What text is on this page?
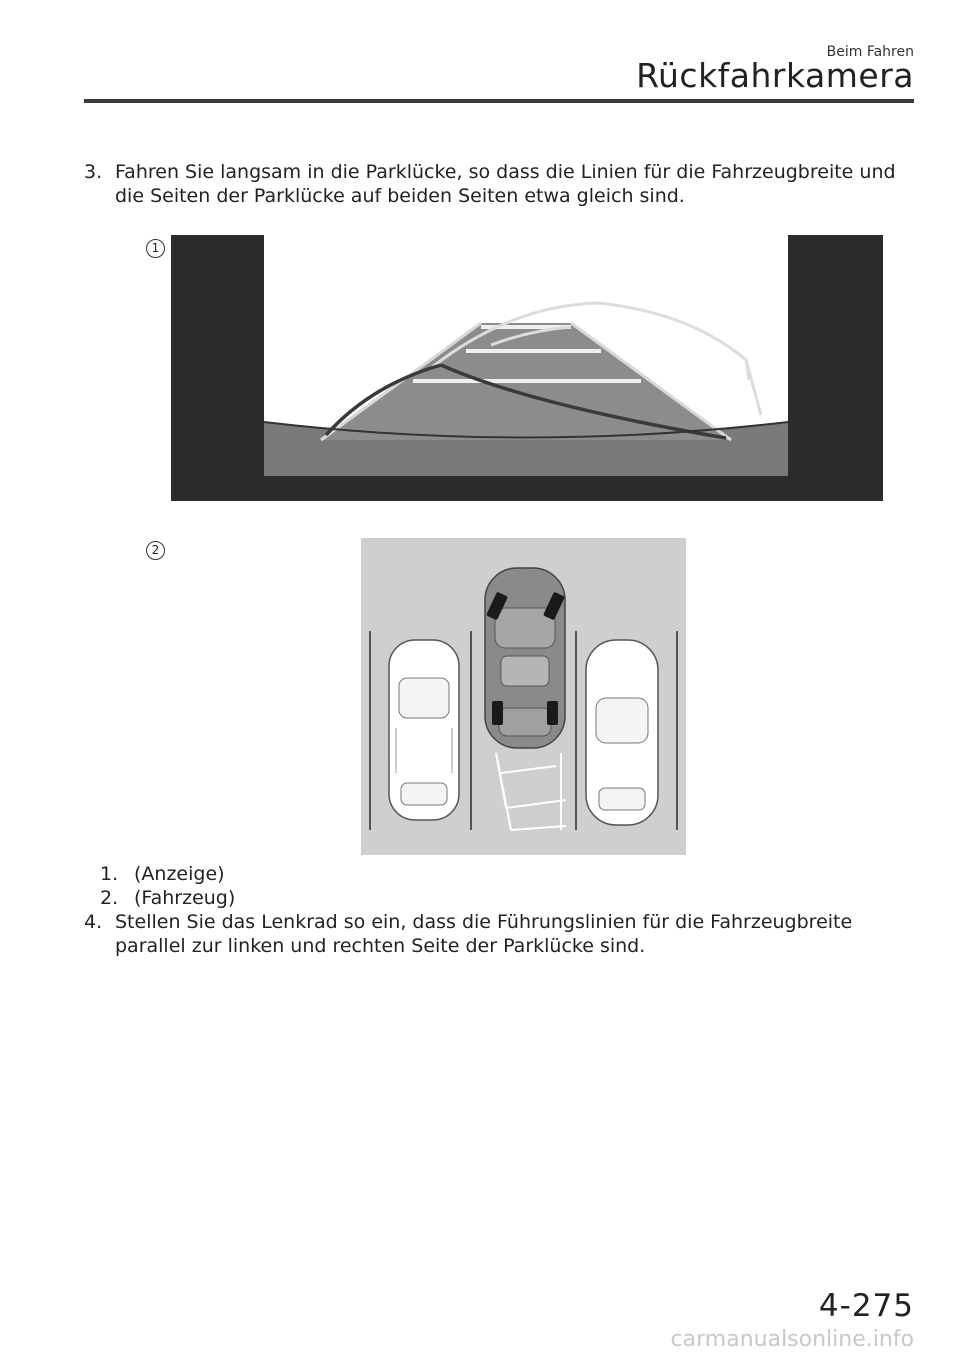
Beim Fahren
Rückfahrkamera
3. Fahren Sie langsam in die Parklücke, so dass die Linien für die Fahrzeugbreite und die Seiten der Parklücke auf beiden Seiten etwa gleich sind.
1
2
1. (Anzeige)
2. (Fahrzeug)
4. Stellen Sie das Lenkrad so ein, dass die Führungslinien für die Fahrzeugbreite parallel zur linken und rechten Seite der Parklücke sind.
4-275
carmanualsonline.info
